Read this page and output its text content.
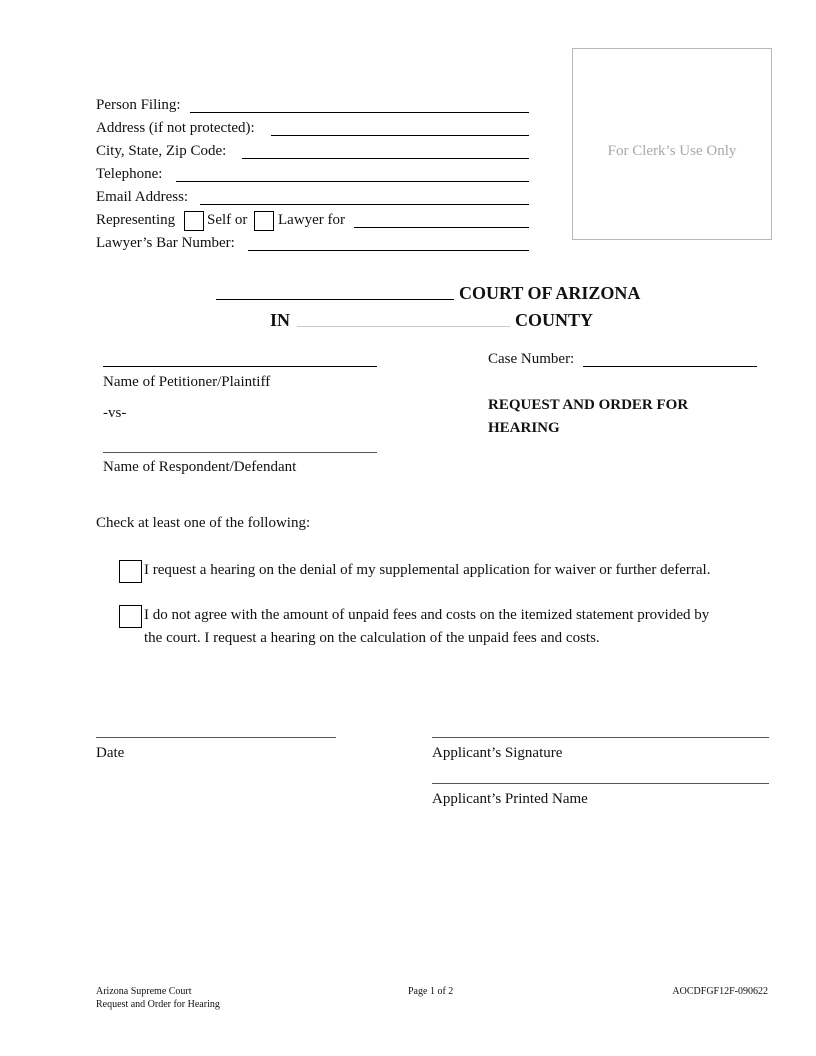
Person Filing:
Address (if not protected):
City, State, Zip Code:
Telephone:
Email Address:
Representing Self or Lawyer for
Lawyer’s Bar Number:
For Clerk’s Use Only
COURT OF ARIZONA
IN	COUNTY
Name of Petitioner/Plaintiff
-vs-
Name of Respondent/Defendant
Case Number:
REQUEST AND ORDER FOR
HEARING
Check at least one of the following:
I request a hearing on the denial of my supplemental application for waiver or further deferral.
I do not agree with the amount of unpaid fees and costs on the itemized statement provided by
the court. I request a hearing on the calculation of the unpaid fees and costs.
Date	Applicant’s Signature
Applicant’s Printed Name
Arizona Supreme Court
Request and Order for Hearing
Page 1 of 2	AOCDFGF12F-090622
